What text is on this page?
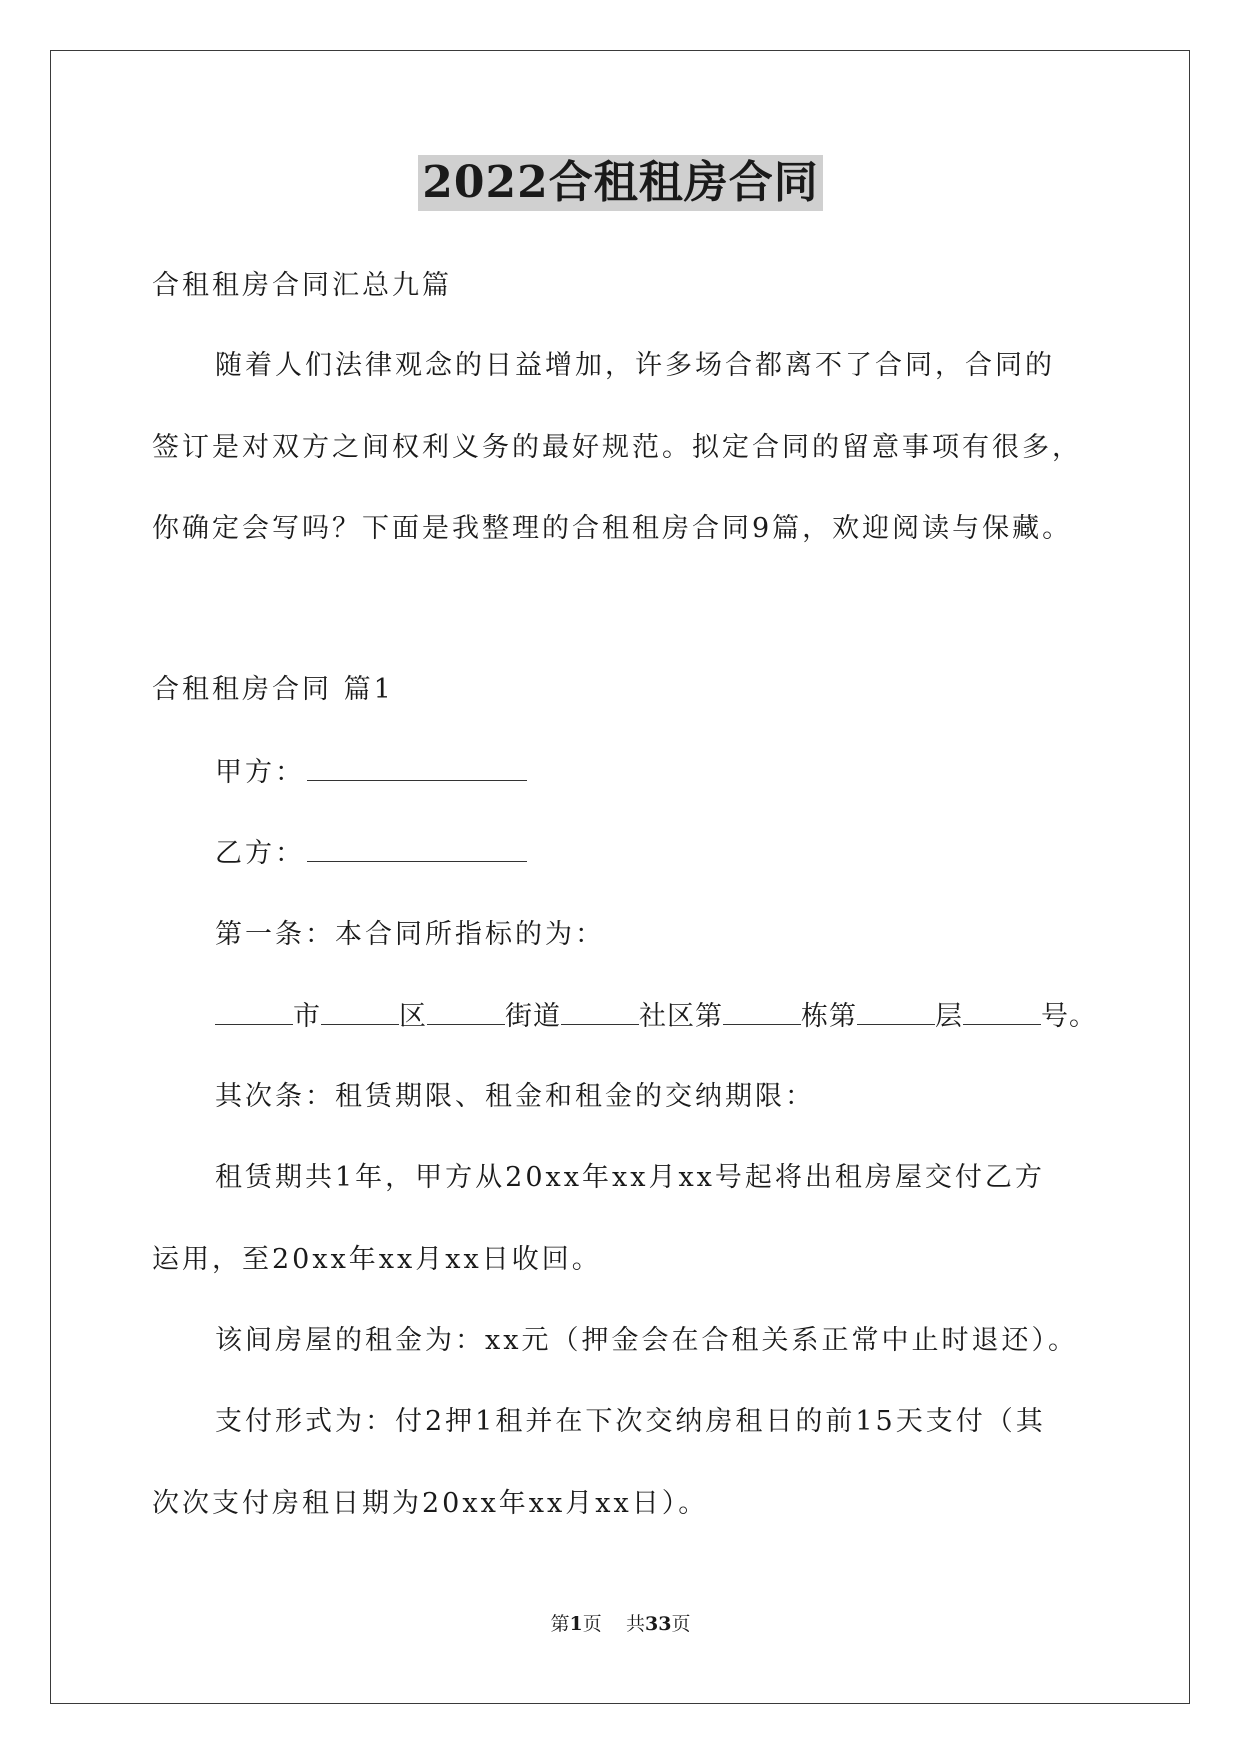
2022合租租房合同
合租租房合同汇总九篇
随着人们法律观念的日益增加，许多场合都离不了合同，合同的
签订是对双方之间权利义务的最好规范。拟定合同的留意事项有很多，
你确定会写吗？下面是我整理的合租租房合同9篇，欢迎阅读与保藏。
合租租房合同 篇1
甲方：
乙方：
第一条：本合同所指标的为：
市	区	街道	社区第	栋第	层	号。
其次条：租赁期限、租金和租金的交纳期限：
租赁期共1年，甲方从20xx年xx月xx号起将出租房屋交付乙方
运用，至20xx年xx月xx日收回。
该间房屋的租金为：xx元（押金会在合租关系正常中止时退还）。
支付形式为：付2押1租并在下次交纳房租日的前15天支付（其
次次支付房租日期为20xx年xx月xx日）。
第1页 共33页
